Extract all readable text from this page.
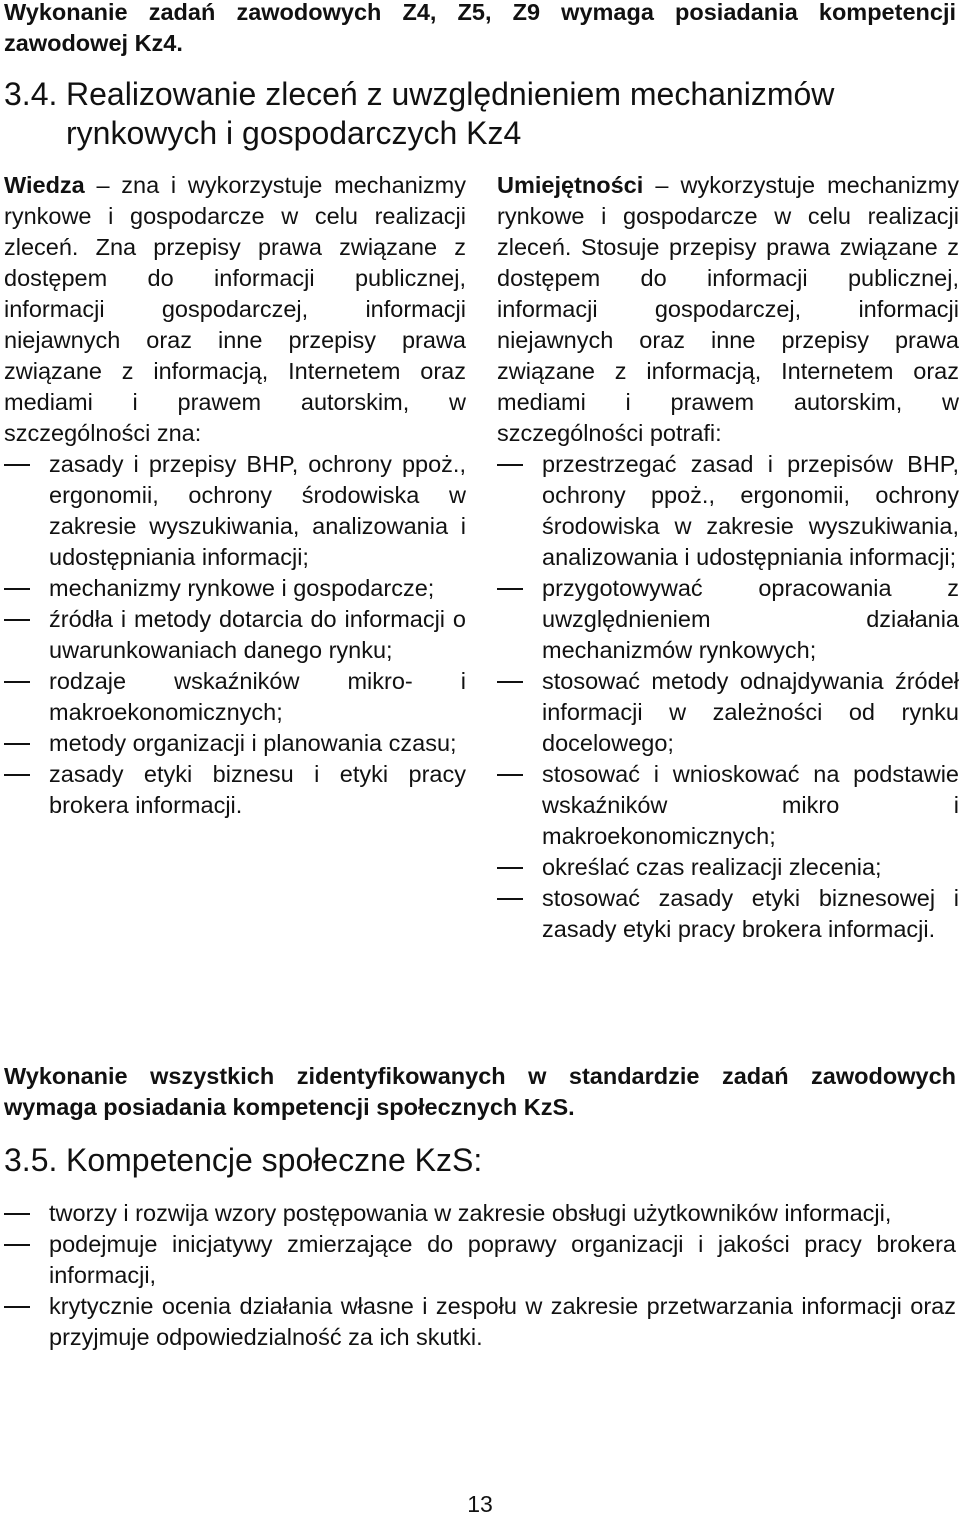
Wykonanie zadań zawodowych Z4, Z5, Z9 wymaga posiadania kompetencji zawodowej Kz4.

3.4. Realizowanie zleceń z uwzględnieniem mechanizmów rynkowych i gospodarczych Kz4

Wiedza – zna i wykorzystuje mechanizmy rynkowe i gospodarcze w celu realizacji zleceń. Zna przepisy prawa związane z dostępem do informacji publicznej, informacji gospodarczej, informacji niejawnych oraz inne przepisy prawa związane z informacją, Internetem oraz mediami i prawem autorskim, w szczególności zna:

zasady i przepisy BHP, ochrony ppoż., ergonomii, ochrony środowiska w zakresie wyszukiwania, analizowania i udostępniania informacji;
mechanizmy rynkowe i gospodarcze;
źródła i metody dotarcia do informacji o uwarunkowaniach danego rynku;
rodzaje wskaźników mikro- i makroekonomicznych;
metody organizacji i planowania czasu;
zasady etyki biznesu i etyki pracy brokera informacji.

Umiejętności – wykorzystuje mechanizmy rynkowe i gospodarcze w celu realizacji zleceń. Stosuje przepisy prawa związane z dostępem do informacji publicznej, informacji gospodarczej, informacji niejawnych oraz inne przepisy prawa związane z informacją, Internetem oraz mediami i prawem autorskim, w szczególności potrafi:

przestrzegać zasad i przepisów BHP, ochrony ppoż., ergonomii, ochrony środowiska w zakresie wyszukiwania, analizowania i udostępniania informacji;
przygotowywać opracowania z uwzględnieniem działania mechanizmów rynkowych;
stosować metody odnajdywania źródeł informacji w zależności od rynku docelowego;
stosować i wnioskować na podstawie wskaźników mikro i makroekonomicznych;
określać czas realizacji zlecenia;
stosować zasady etyki biznesowej i zasady etyki pracy brokera informacji.

Wykonanie wszystkich zidentyfikowanych w standardzie zadań zawodowych wymaga posiadania kompetencji społecznych KzS.

3.5. Kompetencje społeczne KzS:
tworzy i rozwija wzory postępowania w zakresie obsługi użytkowników informacji,
podejmuje inicjatywy zmierzające do poprawy organizacji i jakości pracy brokera informacji,
krytycznie ocenia działania własne i zespołu w zakresie przetwarzania informacji oraz przyjmuje odpowiedzialność za ich skutki.
13
